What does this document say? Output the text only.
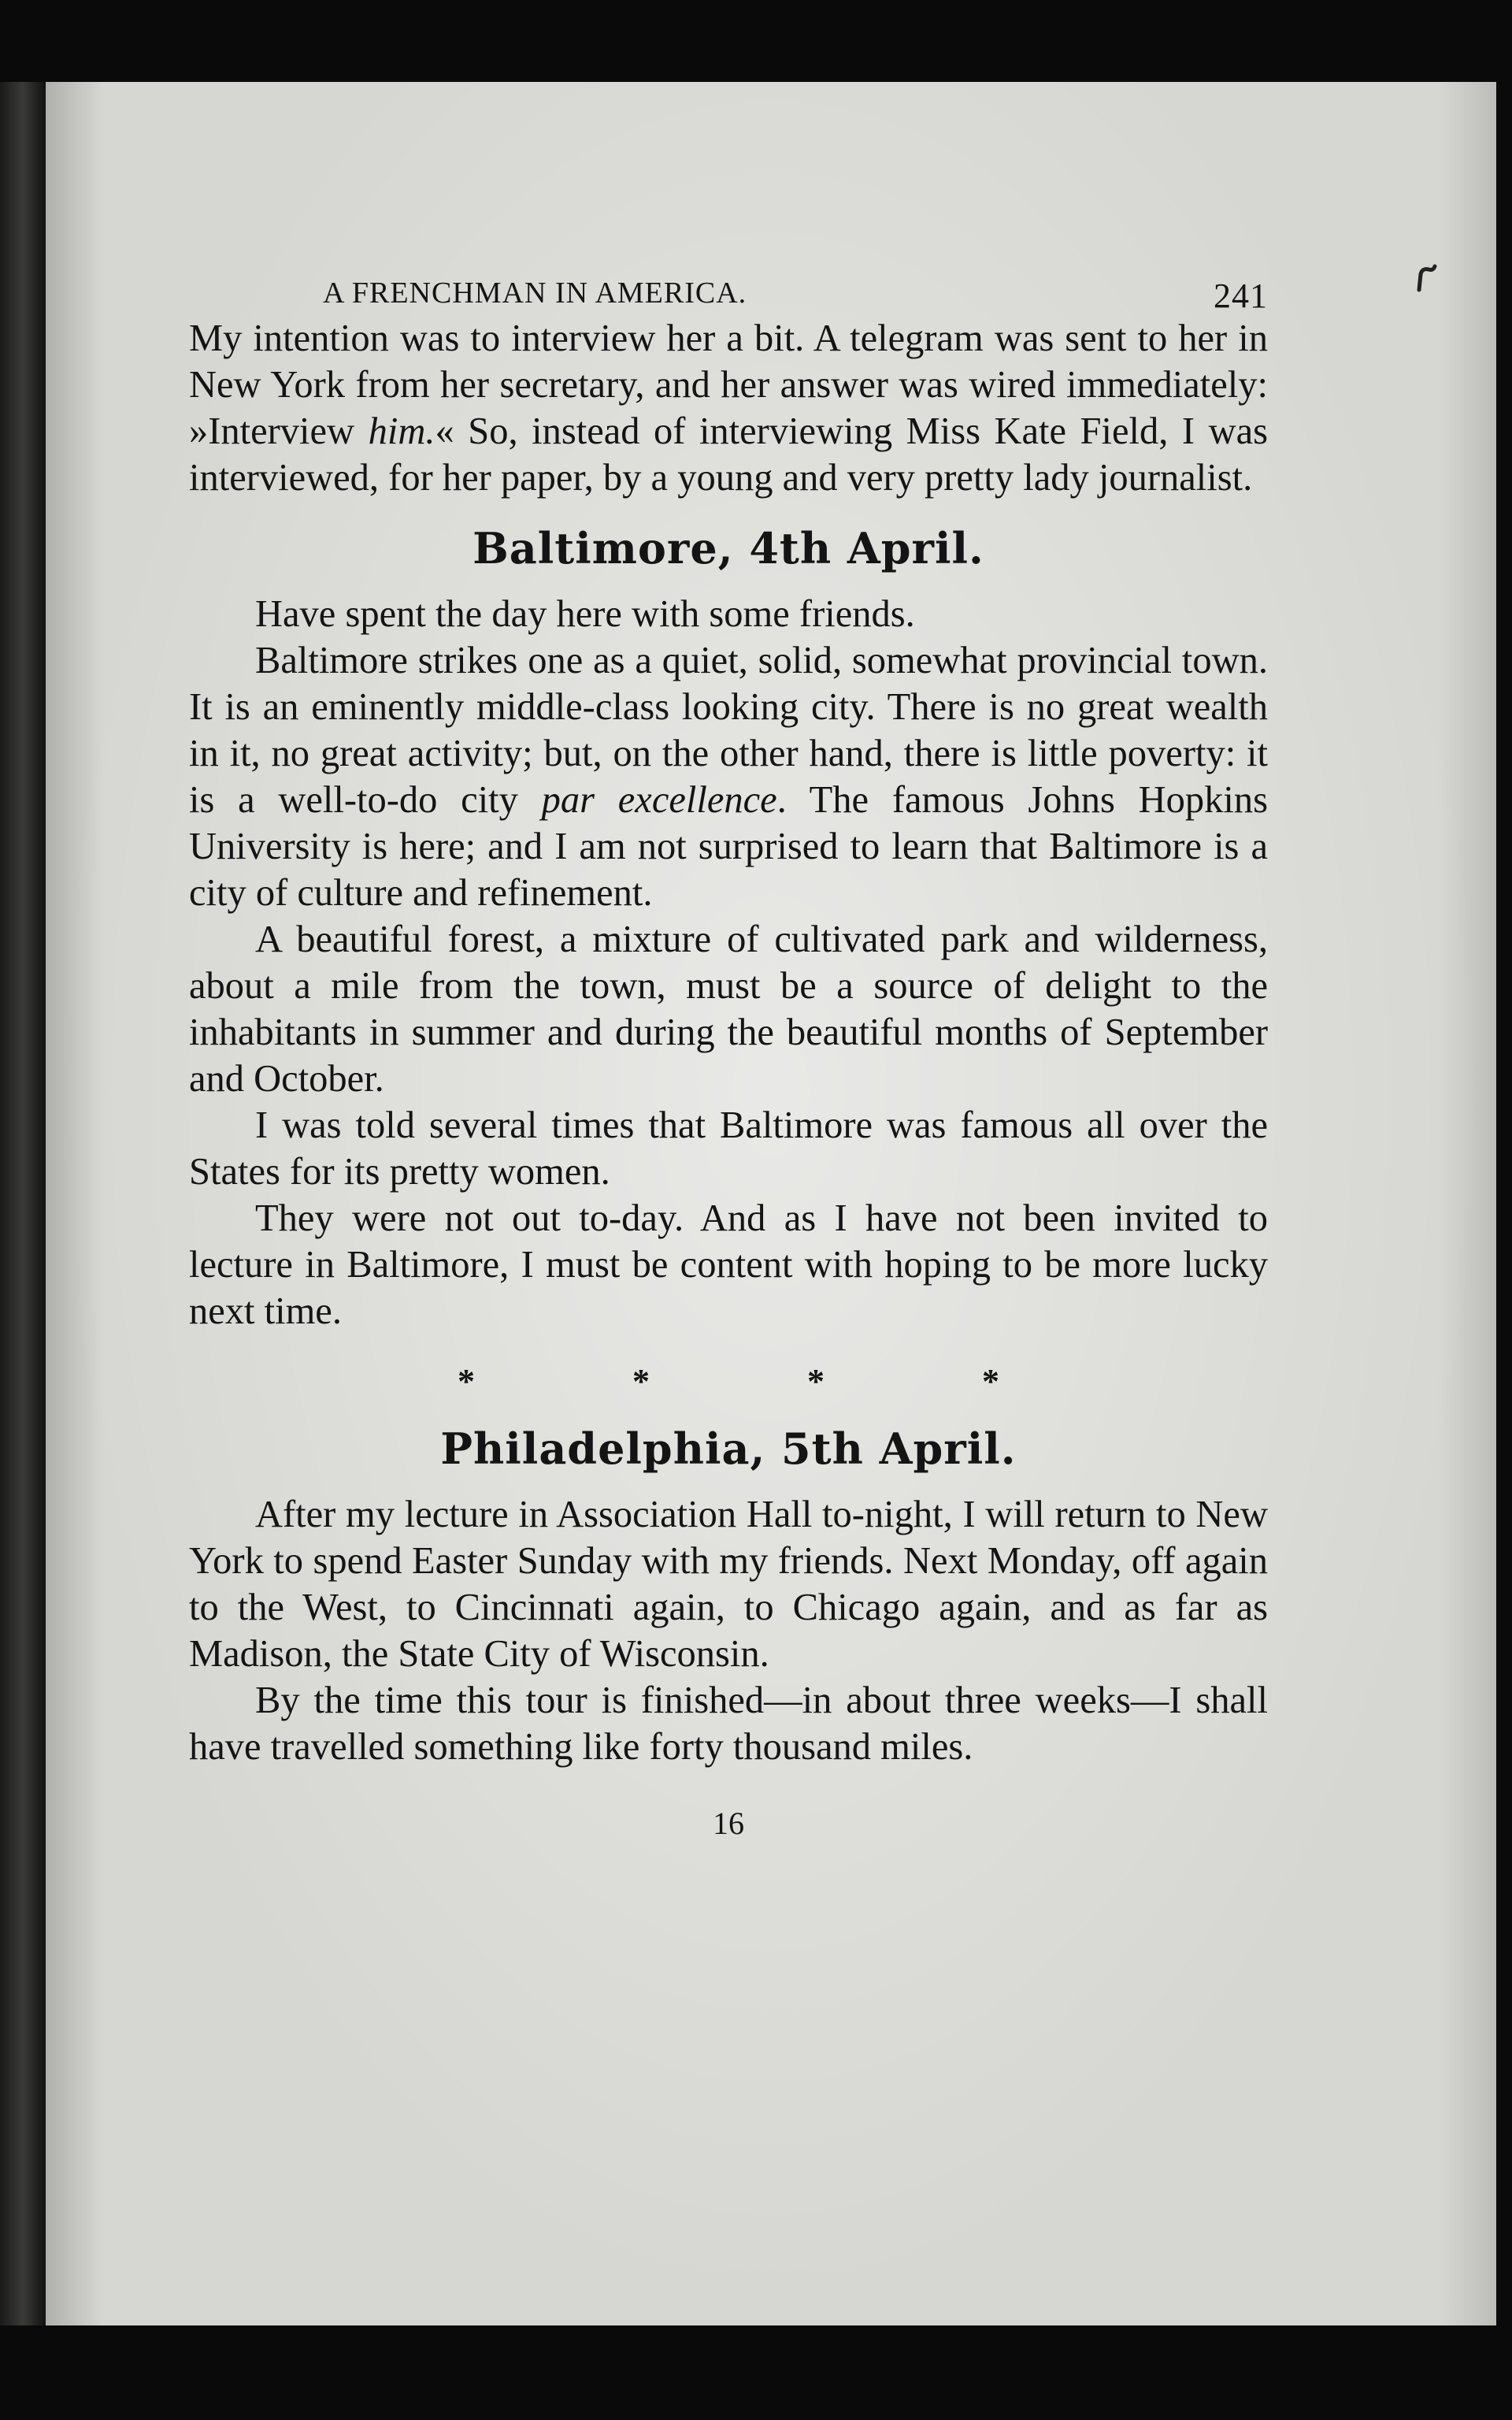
A FRENCHMAN IN AMERICA.	241

My intention was to interview her a bit. A telegram was sent to her in New York from her secretary, and her answer was wired immediately: »Interview him.« So, instead of interviewing Miss Kate Field, I was interviewed, for her paper, by a young and very pretty lady journalist.

Baltimore, 4th April.

Have spent the day here with some friends.

Baltimore strikes one as a quiet, solid, somewhat provincial town. It is an eminently middle-class looking city. There is no great wealth in it, no great activity; but, on the other hand, there is little poverty: it is a well-to-do city par excellence. The famous Johns Hopkins University is here; and I am not surprised to learn that Baltimore is a city of culture and refinement.

A beautiful forest, a mixture of cultivated park and wilderness, about a mile from the town, must be a source of delight to the inhabitants in summer and during the beautiful months of September and October.

I was told several times that Baltimore was famous all over the States for its pretty women.

They were not out to-day. And as I have not been invited to lecture in Baltimore, I must be content with hoping to be more lucky next time.

*	*	*	*
Philadelphia, 5th April.

After my lecture in Association Hall to-night, I will return to New York to spend Easter Sunday with my friends. Next Monday, off again to the West, to Cincinnati again, to Chicago again, and as far as Madison, the State City of Wisconsin.

By the time this tour is finished—in about three weeks—I shall have travelled something like forty thousand miles.

16
